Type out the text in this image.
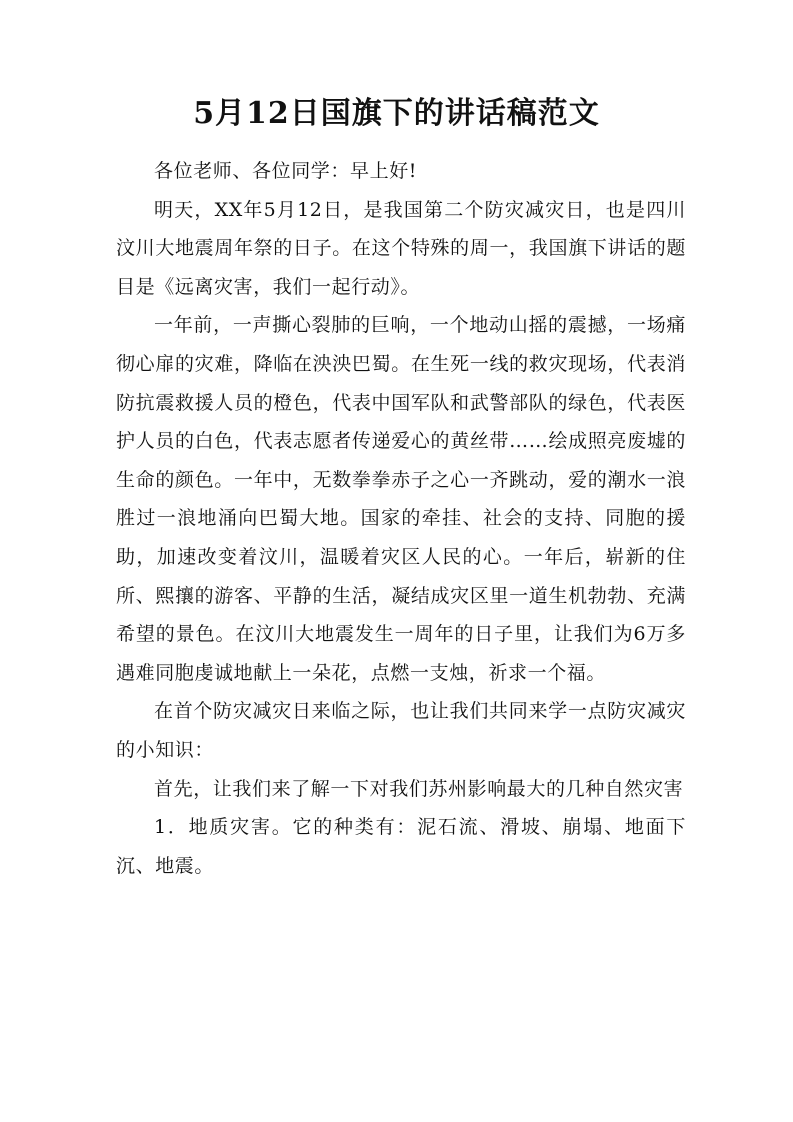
5月12日国旗下的讲话稿范文

各位老师、各位同学：早上好!

明天，XX年5月12日，是我国第二个防灾减灾日，也是四川汶川大地震周年祭的日子。在这个特殊的周一，我国旗下讲话的题目是《远离灾害，我们一起行动》。

一年前，一声撕心裂肺的巨响，一个地动山摇的震撼，一场痛彻心扉的灾难，降临在泱泱巴蜀。在生死一线的救灾现场，代表消防抗震救援人员的橙色，代表中国军队和武警部队的绿色，代表医护人员的白色，代表志愿者传递爱心的黄丝带……绘成照亮废墟的生命的颜色。一年中，无数拳拳赤子之心一齐跳动，爱的潮水一浪胜过一浪地涌向巴蜀大地。国家的牵挂、社会的支持、同胞的援助，加速改变着汶川，温暖着灾区人民的心。一年后，崭新的住所、熙攘的游客、平静的生活，凝结成灾区里一道生机勃勃、充满希望的景色。在汶川大地震发生一周年的日子里，让我们为6万多遇难同胞虔诚地献上一朵花，点燃一支烛，祈求一个福。

在首个防灾减灾日来临之际，也让我们共同来学一点防灾减灾的小知识：

首先，让我们来了解一下对我们苏州影响最大的几种自然灾害

1．地质灾害。它的种类有：泥石流、滑坡、崩塌、地面下沉、地震。
